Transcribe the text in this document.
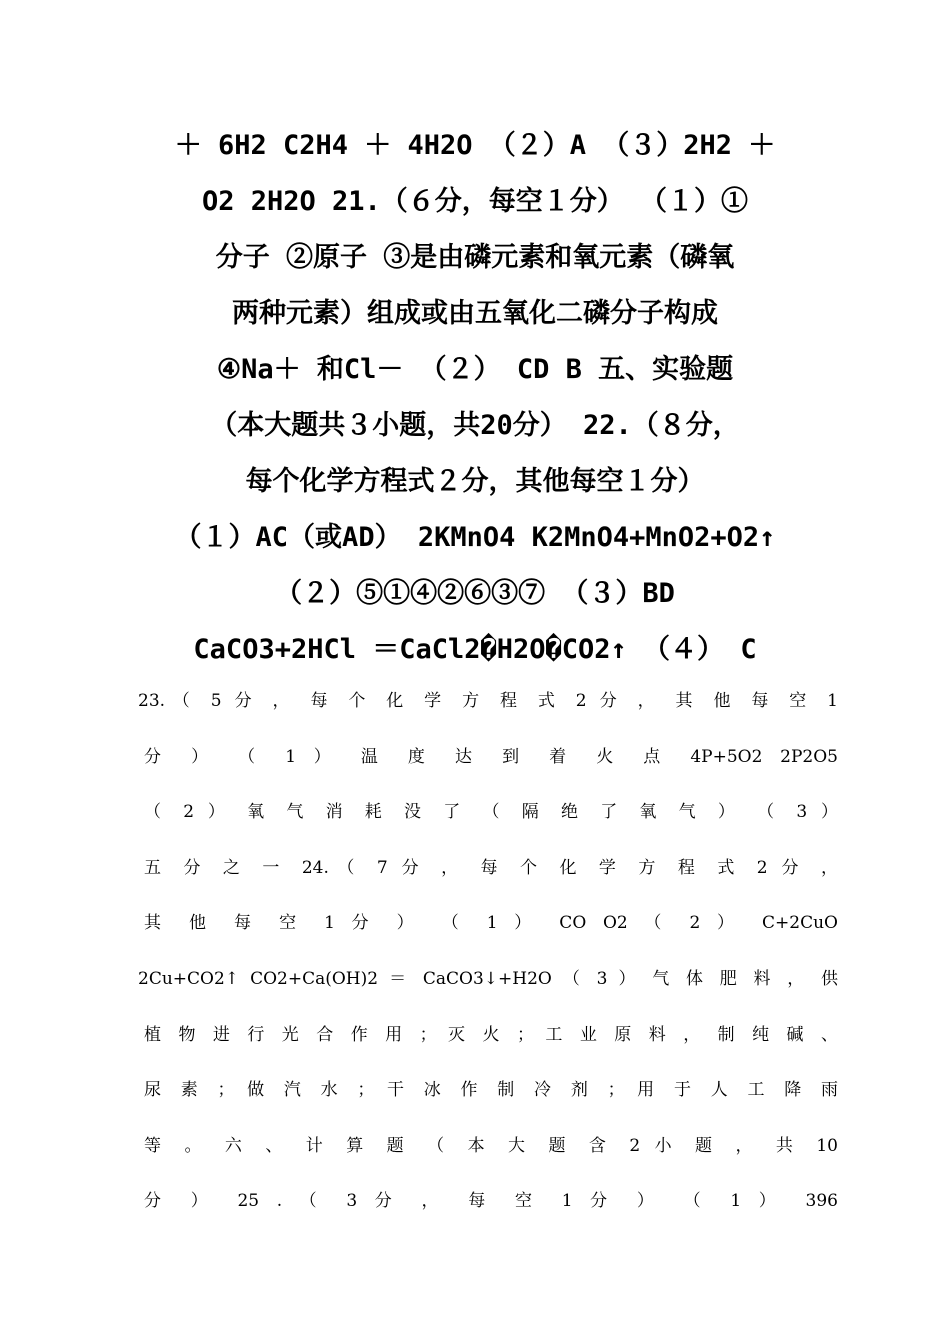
＋ 6H2 C2H4 ＋ 4H2O （２）A （３）2H2 ＋
O2 2H2O 21.（６分，每空１分） （１）①
分子 ②原子 ③是由磷元素和氧元素（磷氧
两种元素）组成或由五氧化二磷分子构成
④Na＋ 和Cl－ （２） CD B 五、实验题
（本大题共３小题，共20分） 22.（８分，
每个化学方程式２分，其他每空１分）
（１）AC（或AD） 2KMnO4 K2MnO4+MnO2+O2↑
（２）⑤①④②⑥③⑦ （３）BD
CaCO3+2HCl ＝CaCl2�H2O�CO2↑ （４） C
23.（ 5 分 ， 每 个 化 学 方 程 式 2 分 ， 其 他 每 空 1
分 ） （ 1 ） 温 度 达 到 着 火 点 4P+5O2 2P2O5
（ 2 ） 氧 气 消 耗 没 了 （ 隔 绝 了 氧 气 ） （ 3 ）
五 分 之 一 24.（ 7 分 ， 每 个 化 学 方 程 式 2 分 ，
其 他 每 空 1 分 ） （ 1 ） CO O2 （ 2 ） C+2CuO
2Cu+CO2↑ CO2+Ca(OH)2 ＝ CaCO3↓+H2O （ 3 ） 气 体 肥 料 ， 供
植 物 进 行 光 合 作 用 ； 灭 火 ； 工 业 原 料 ， 制 纯 碱 、
尿 素 ； 做 汽 水 ； 干 冰 作 制 冷 剂 ； 用 于 人 工 降 雨
等 。 六 、 计 算 题 （ 本 大 题 含 2 小 题 ， 共 10
分 ） 25 . （ 3 分 ， 每 空 1 分 ） （ 1 ） 396
